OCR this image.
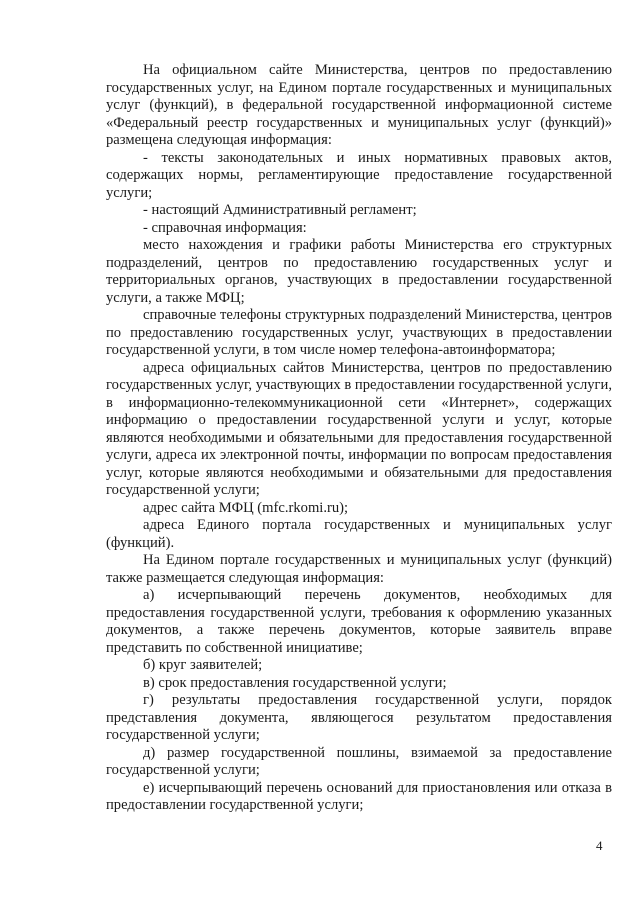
На официальном сайте Министерства, центров по предоставлению государственных услуг, на Едином портале государственных и муниципальных услуг (функций), в федеральной государственной информационной системе «Федеральный реестр государственных и муниципальных услуг (функций)» размещена следующая информация:

- тексты законодательных и иных нормативных правовых актов, содержащих нормы, регламентирующие предоставление государственной услуги;

- настоящий Административный регламент;

- справочная информация:

место нахождения и графики работы Министерства его структурных подразделений, центров по предоставлению государственных услуг и территориальных органов, участвующих в предоставлении государственной услуги, а также МФЦ;

справочные телефоны структурных подразделений Министерства, центров по предоставлению государственных услуг, участвующих в предоставлении государственной услуги, в том числе номер телефона-автоинформатора;

адреса официальных сайтов Министерства, центров по предоставлению государственных услуг, участвующих в предоставлении государственной услуги, в информационно-телекоммуникационной сети «Интернет», содержащих информацию о предоставлении государственной услуги и услуг, которые являются необходимыми и обязательными для предоставления государственной услуги, адреса их электронной почты, информации по вопросам предоставления услуг, которые являются необходимыми и обязательными для предоставления государственной услуги;

адрес сайта МФЦ (mfc.rkomi.ru);

адреса Единого портала государственных и муниципальных услуг (функций).

На Едином портале государственных и муниципальных услуг (функций) также размещается следующая информация:

а) исчерпывающий перечень документов, необходимых для предоставления государственной услуги, требования к оформлению указанных документов, а также перечень документов, которые заявитель вправе представить по собственной инициативе;

б) круг заявителей;

в) срок предоставления государственной услуги;

г) результаты предоставления государственной услуги, порядок представления документа, являющегося результатом предоставления государственной услуги;

д) размер государственной пошлины, взимаемой за предоставление государственной услуги;

е) исчерпывающий перечень оснований для приостановления или отказа в предоставлении государственной услуги;

4
